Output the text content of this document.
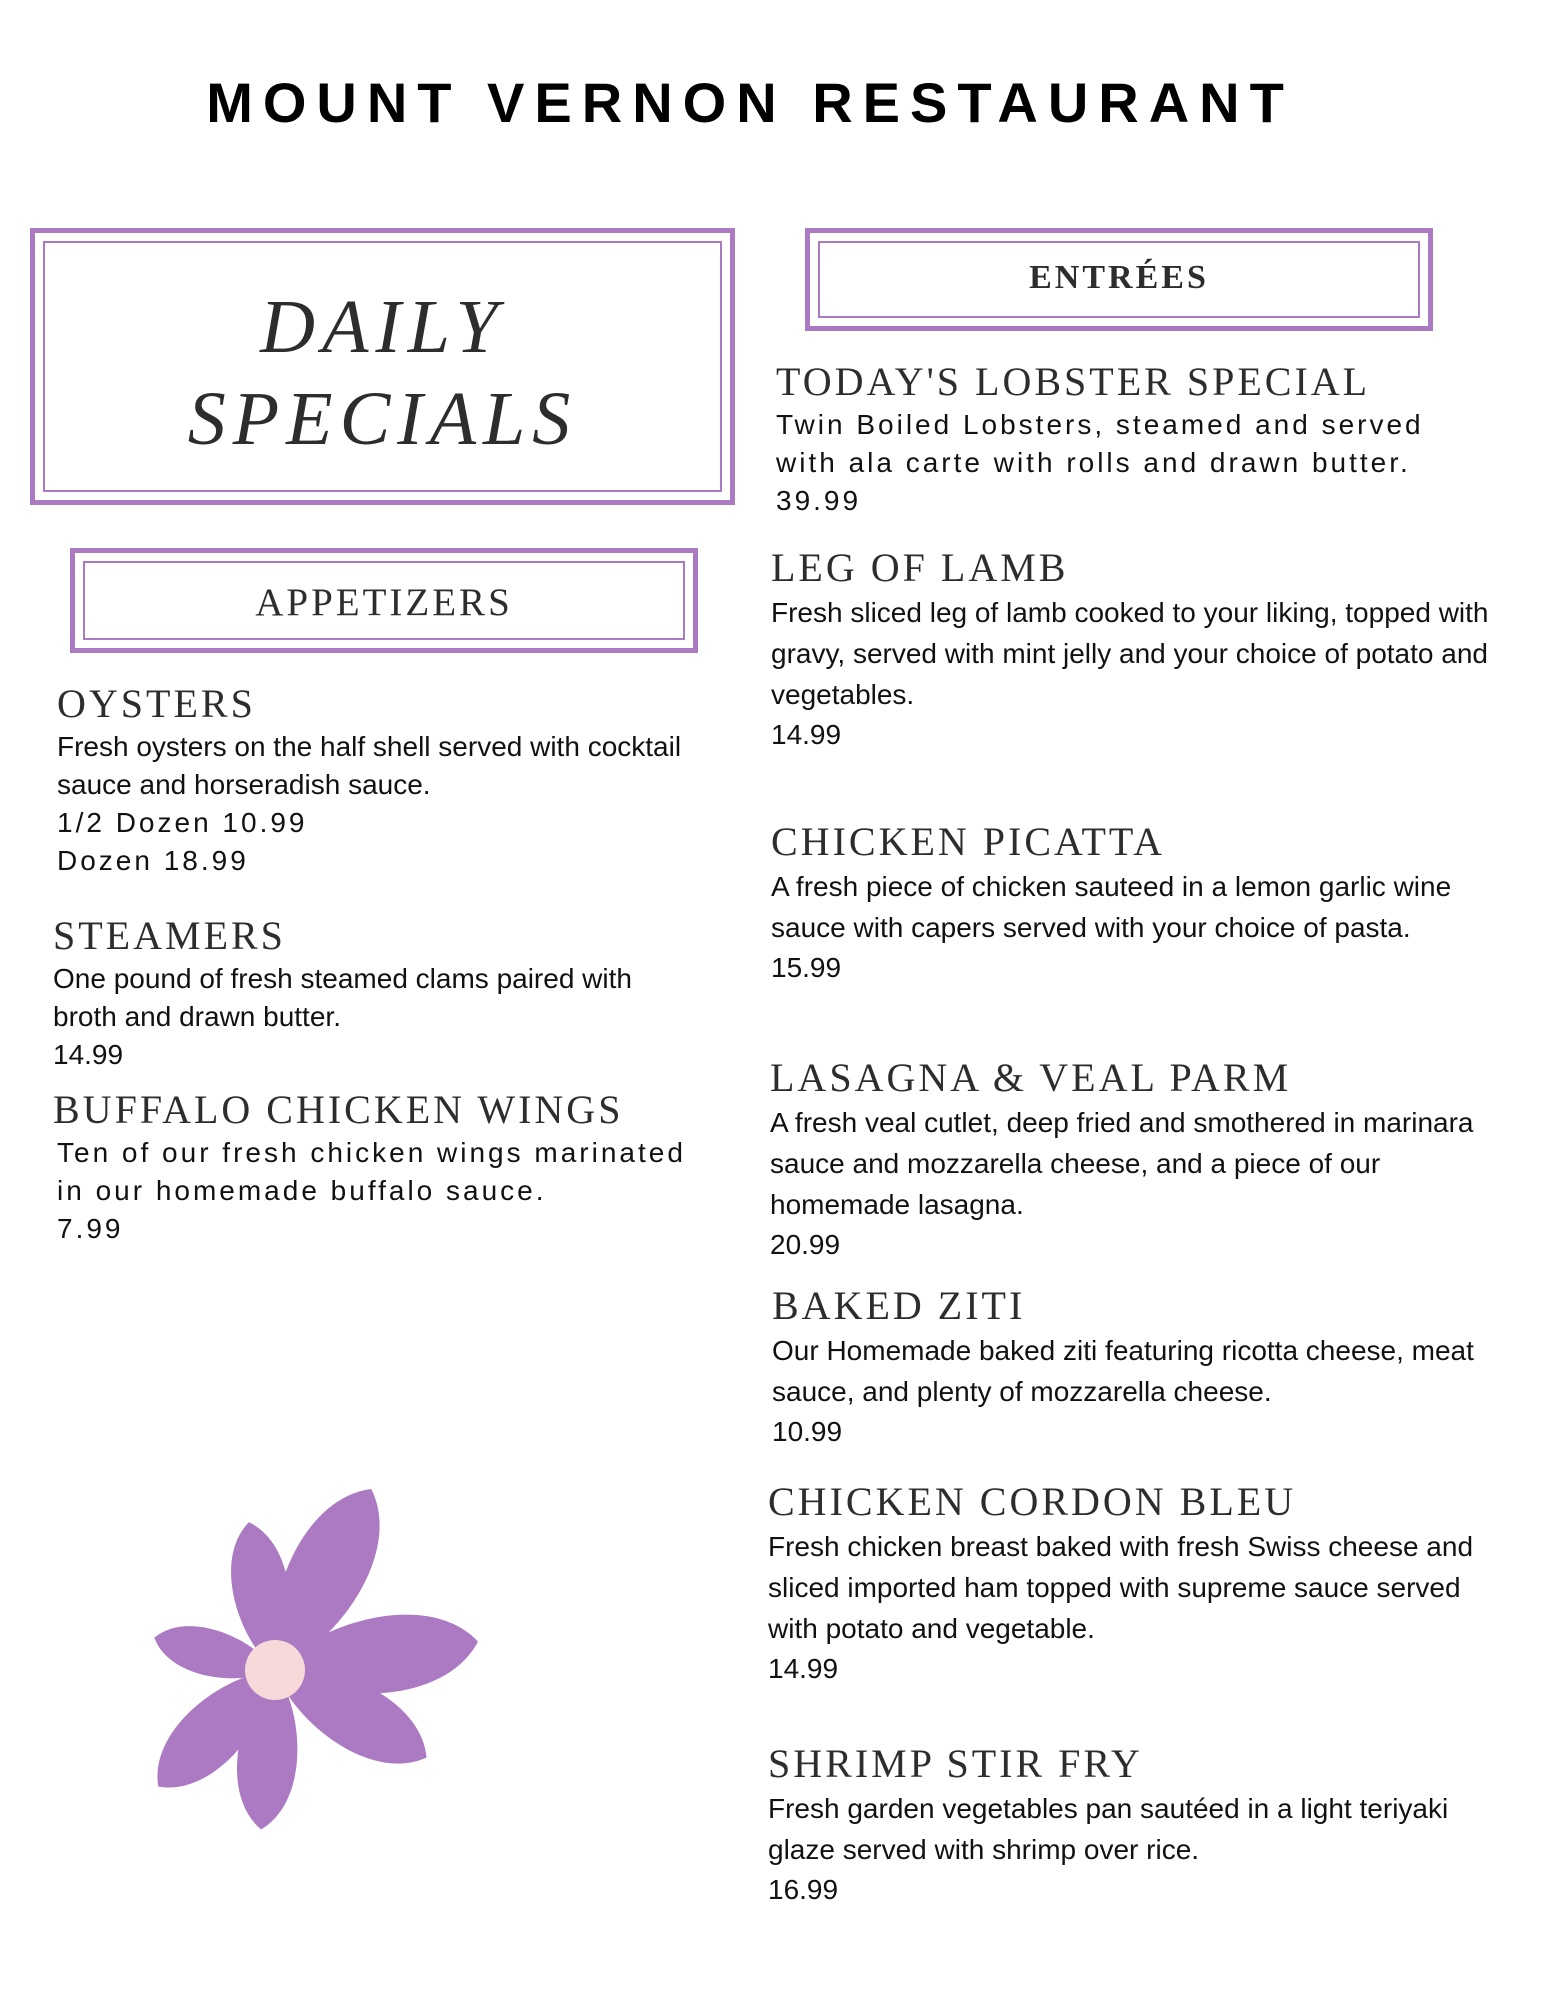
MOUNT VERNON RESTAURANT
DAILY
SPECIALS
ENTRÉES
APPETIZERS
OYSTERS
Fresh oysters on the half shell served with cocktail sauce and horseradish sauce.
1/2 Dozen 10.99
Dozen 18.99
STEAMERS
One pound of fresh steamed clams paired with broth and drawn butter.
14.99
BUFFALO CHICKEN WINGS
Ten of our fresh chicken wings marinated in our homemade buffalo sauce.
7.99
TODAY'S LOBSTER SPECIAL
Twin Boiled Lobsters, steamed and served with ala carte with rolls and drawn butter.
39.99
LEG OF LAMB
Fresh sliced leg of lamb cooked to your liking, topped with gravy, served with mint jelly and your choice of potato and vegetables.
14.99
CHICKEN PICATTA
A fresh piece of chicken sauteed in a lemon garlic wine sauce with capers served with your choice of pasta.
15.99
LASAGNA & VEAL PARM
A fresh veal cutlet, deep fried and smothered in marinara sauce and mozzarella cheese, and a piece of our homemade lasagna.
20.99
BAKED ZITI
Our Homemade baked ziti featuring ricotta cheese, meat sauce, and plenty of mozzarella cheese.
10.99
CHICKEN CORDON BLEU
Fresh chicken breast baked with fresh Swiss cheese and sliced imported ham topped with supreme sauce served with potato and vegetable.
14.99
SHRIMP STIR FRY
Fresh garden vegetables pan sautéed in a light teriyaki glaze served with shrimp over rice.
16.99
